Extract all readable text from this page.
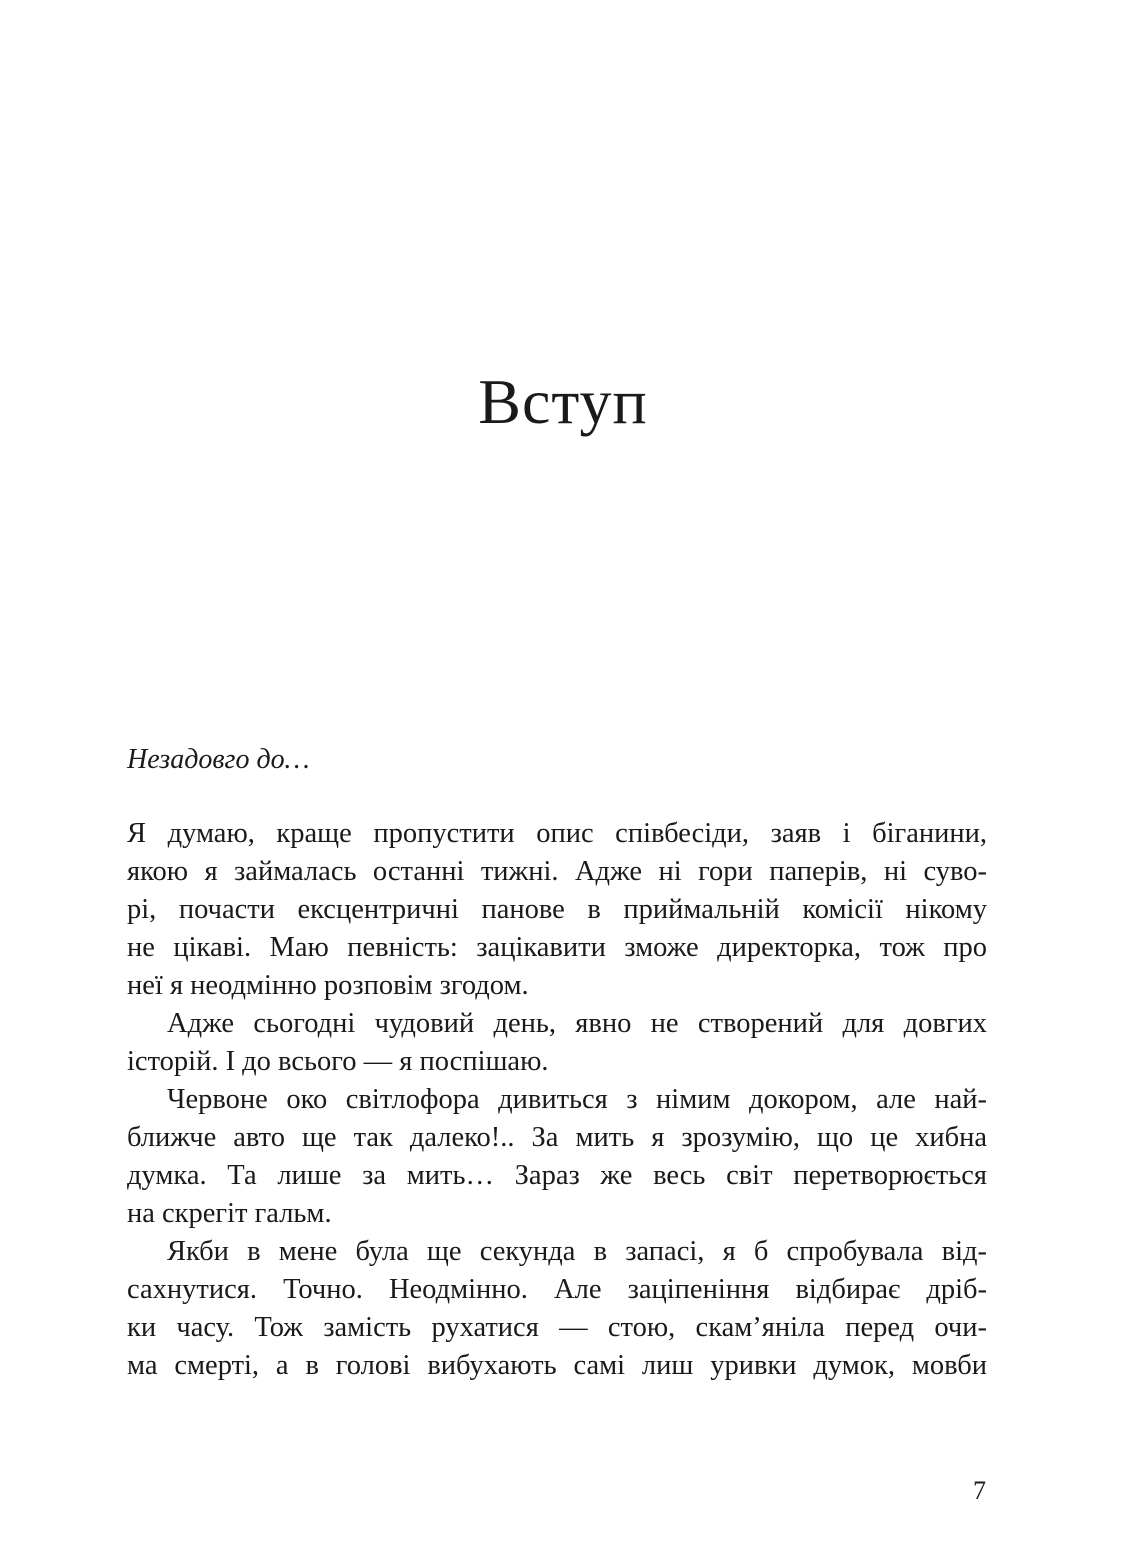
Вступ

Незадовго до…

Я думаю, краще пропустити опис співбесіди, заяв і біганини,
якою я займалась останні тижні. Адже ні гори паперів, ні суво-
рі, почасти ексцентричні панове в приймальній комісії нікому
не цікаві. Маю певність: зацікавити зможе директорка, тож про
неї я неодмінно розповім згодом.
Адже сьогодні чудовий день, явно не створений для довгих
історій. І до всього — я поспішаю.
Червоне око світлофора дивиться з німим докором, але най-
ближче авто ще так далеко!.. За мить я зрозумію, що це хибна
думка. Та лише за мить… Зараз же весь світ перетворюється
на скрегіт гальм.
Якби в мене була ще секунда в запасі, я б спробувала від-
сахнутися. Точно. Неодмінно. Але заціпеніння відбирає дріб-
ки часу. Тож замість рухатися — стою, скам’яніла перед очи-
ма смерті, а в голові вибухають самі лиш уривки думок, мовби

7
